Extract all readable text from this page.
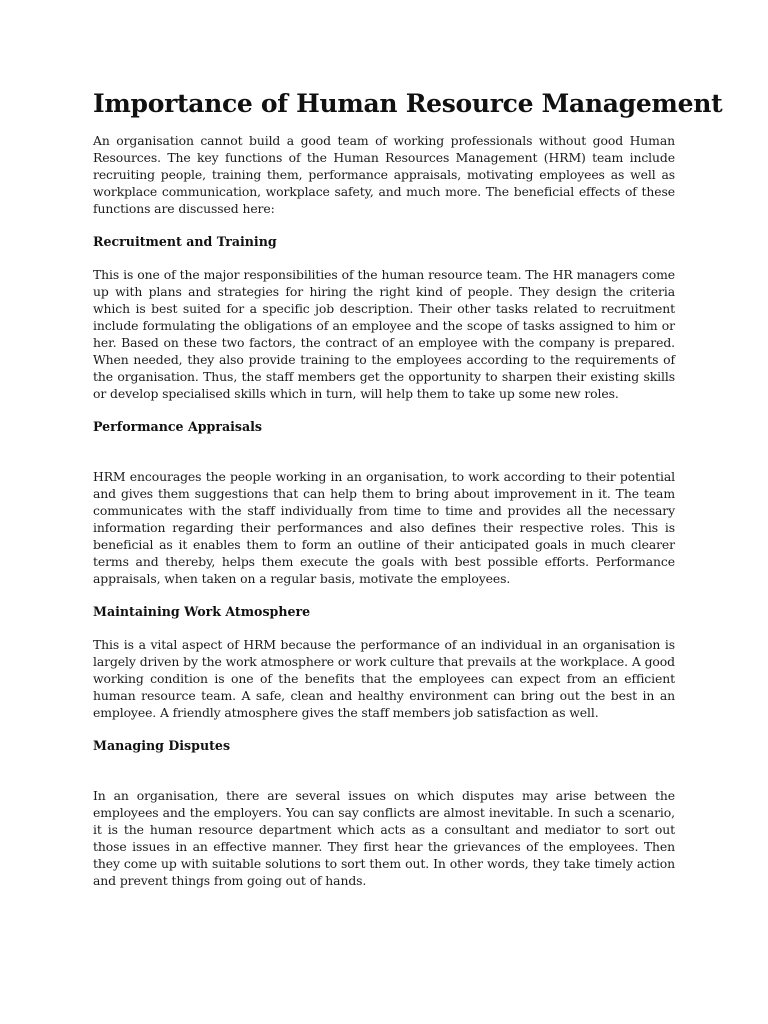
Importance of Human Resource Management

An organisation cannot build a good team of working professionals without good Human Resources. The key functions of the Human Resources Management (HRM) team include recruiting people, training them, performance appraisals, motivating employees as well as workplace communication, workplace safety, and much more. The beneficial effects of these functions are discussed here:

Recruitment and Training

This is one of the major responsibilities of the human resource team. The HR managers come up with plans and strategies for hiring the right kind of people. They design the criteria which is best suited for a specific job description. Their other tasks related to recruitment include formulating the obligations of an employee and the scope of tasks assigned to him or her. Based on these two factors, the contract of an employee with the company is prepared. When needed, they also provide training to the employees according to the requirements of the organisation. Thus, the staff members get the opportunity to sharpen their existing skills or develop specialised skills which in turn, will help them to take up some new roles.

Performance Appraisals

HRM encourages the people working in an organisation, to work according to their potential and gives them suggestions that can help them to bring about improvement in it. The team communicates with the staff individually from time to time and provides all the necessary information regarding their performances and also defines their respective roles. This is beneficial as it enables them to form an outline of their anticipated goals in much clearer terms and thereby, helps them execute the goals with best possible efforts. Performance appraisals, when taken on a regular basis, motivate the employees.

Maintaining Work Atmosphere

This is a vital aspect of HRM because the performance of an individual in an organisation is largely driven by the work atmosphere or work culture that prevails at the workplace. A good working condition is one of the benefits that the employees can expect from an efficient human resource team. A safe, clean and healthy environment can bring out the best in an employee. A friendly atmosphere gives the staff members job satisfaction as well.

Managing Disputes

In an organisation, there are several issues on which disputes may arise between the employees and the employers. You can say conflicts are almost inevitable. In such a scenario, it is the human resource department which acts as a consultant and mediator to sort out those issues in an effective manner. They first hear the grievances of the employees. Then they come up with suitable solutions to sort them out. In other words, they take timely action and prevent things from going out of hands.
